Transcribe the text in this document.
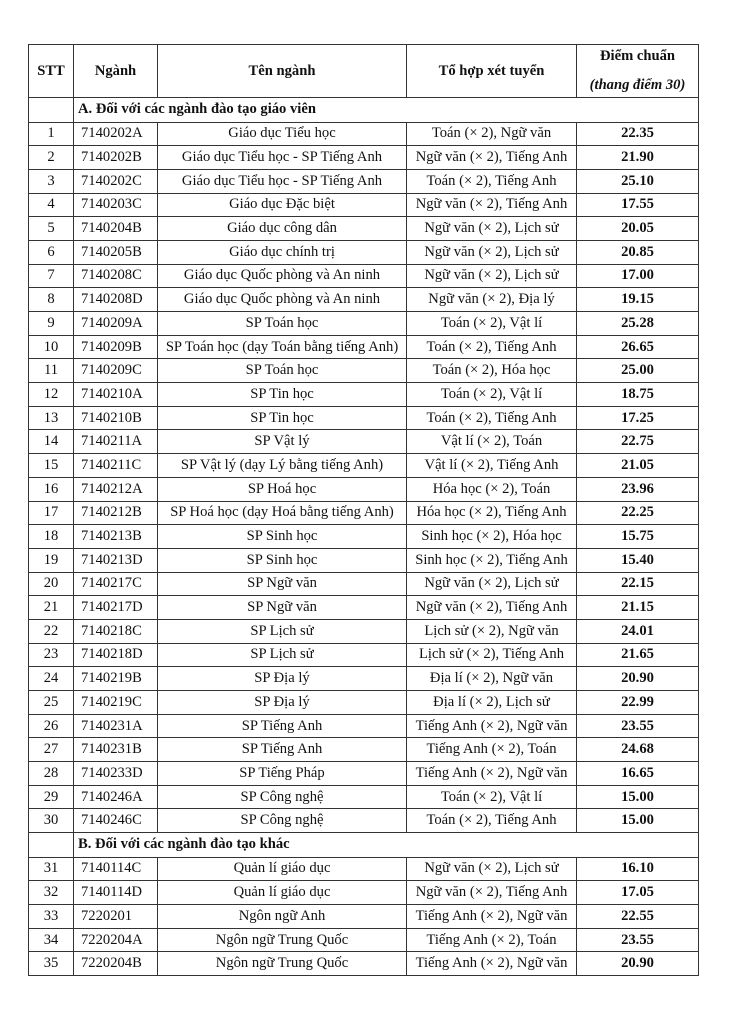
STT	Ngành	Tên ngành	Tổ hợp xét tuyển	Điểm chuẩn
(thang điểm 30)

	A. Đối với các ngành đào tạo giáo viên			
1	7140202A	Giáo dục Tiểu học	Toán (× 2), Ngữ văn	22.35
2	7140202B	Giáo dục Tiểu học - SP Tiếng Anh	Ngữ văn (× 2), Tiếng Anh	21.90
3	7140202C	Giáo dục Tiểu học - SP Tiếng Anh	Toán (× 2), Tiếng Anh	25.10
4	7140203C	Giáo dục Đặc biệt	Ngữ văn (× 2), Tiếng Anh	17.55
5	7140204B	Giáo dục công dân	Ngữ văn (× 2), Lịch sử	20.05
6	7140205B	Giáo dục chính trị	Ngữ văn (× 2), Lịch sử	20.85
7	7140208C	Giáo dục Quốc phòng và An ninh	Ngữ văn (× 2), Lịch sử	17.00
8	7140208D	Giáo dục Quốc phòng và An ninh	Ngữ văn (× 2), Địa lý	19.15
9	7140209A	SP Toán học	Toán (× 2), Vật lí	25.28
10	7140209B	SP Toán học (dạy Toán bằng tiếng Anh)	Toán (× 2), Tiếng Anh	26.65
11	7140209C	SP Toán học	Toán (× 2), Hóa học	25.00
12	7140210A	SP Tin học	Toán (× 2), Vật lí	18.75
13	7140210B	SP Tin học	Toán (× 2), Tiếng Anh	17.25
14	7140211A	SP Vật lý	Vật lí (× 2), Toán	22.75
15	7140211C	SP Vật lý (dạy Lý bằng tiếng Anh)	Vật lí (× 2), Tiếng Anh	21.05
16	7140212A	SP Hoá học	Hóa học (× 2), Toán	23.96
17	7140212B	SP Hoá học (dạy Hoá bằng tiếng Anh)	Hóa học (× 2), Tiếng Anh	22.25
18	7140213B	SP Sinh học	Sinh học (× 2), Hóa học	15.75
19	7140213D	SP Sinh học	Sinh học (× 2), Tiếng Anh	15.40
20	7140217C	SP Ngữ văn	Ngữ văn (× 2), Lịch sử	22.15
21	7140217D	SP Ngữ văn	Ngữ văn (× 2), Tiếng Anh	21.15
22	7140218C	SP Lịch sử	Lịch sử (× 2), Ngữ văn	24.01
23	7140218D	SP Lịch sử	Lịch sử (× 2), Tiếng Anh	21.65
24	7140219B	SP Địa lý	Địa lí (× 2), Ngữ văn	20.90
25	7140219C	SP Địa lý	Địa lí (× 2), Lịch sử	22.99
26	7140231A	SP Tiếng Anh	Tiếng Anh (× 2), Ngữ văn	23.55
27	7140231B	SP Tiếng Anh	Tiếng Anh (× 2), Toán	24.68
28	7140233D	SP Tiếng Pháp	Tiếng Anh (× 2), Ngữ văn	16.65
29	7140246A	SP Công nghệ	Toán (× 2), Vật lí	15.00
30	7140246C	SP Công nghệ	Toán (× 2), Tiếng Anh	15.00
	B. Đối với các ngành đào tạo khác			
31	7140114C	Quản lí giáo dục	Ngữ văn (× 2), Lịch sử	16.10
32	7140114D	Quản lí giáo dục	Ngữ văn (× 2), Tiếng Anh	17.05
33	7220201	Ngôn ngữ Anh	Tiếng Anh (× 2), Ngữ văn	22.55
34	7220204A	Ngôn ngữ Trung Quốc	Tiếng Anh (× 2), Toán	23.55
35	7220204B	Ngôn ngữ Trung Quốc	Tiếng Anh (× 2), Ngữ văn	20.90
